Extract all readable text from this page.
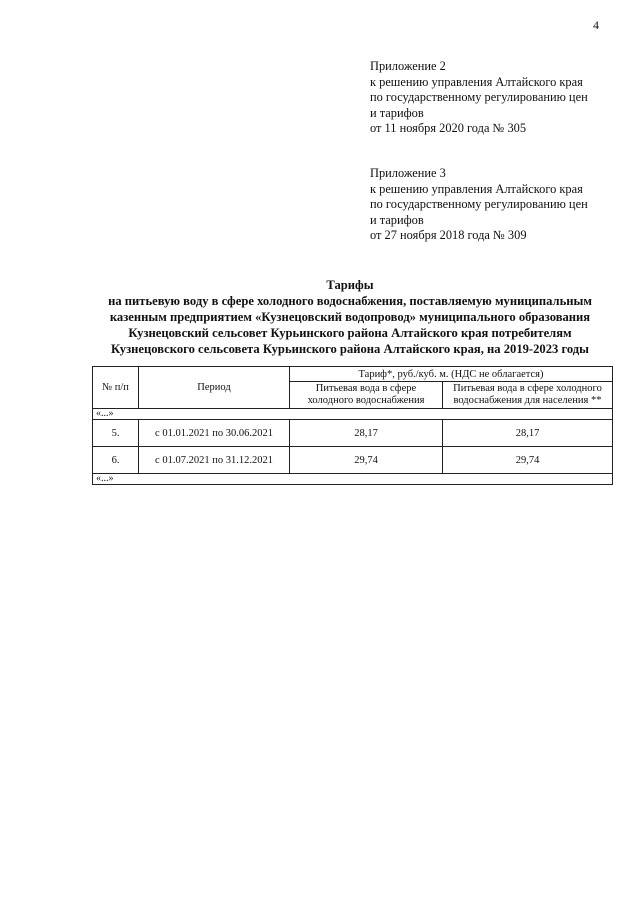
4
Приложение 2
к решению управления Алтайского края
по государственному регулированию цен
и тарифов
от 11 ноября 2020 года № 305
Приложение 3
к решению управления Алтайского края
по государственному регулированию цен
и тарифов
от 27 ноября 2018 года № 309
Тарифы
на питьевую воду в сфере холодного водоснабжения, поставляемую муниципальным
казенным предприятием «Кузнецовский водопровод» муниципального образования
Кузнецовский сельсовет Курьинского района Алтайского края потребителям
Кузнецовского сельсовета Курьинского района Алтайского края, на 2019-2023 годы
№ п/п	Период	Тариф*, руб./куб. м. (НДС не облагается)	
		Питьевая вода в сфере холодного водоснабжения	Питьевая вода в сфере холодного водоснабжения для населения **
«...»			
5.	с 01.01.2021 по 30.06.2021	28,17	28,17
6.	с 01.07.2021 по 31.12.2021	29,74	29,74
«...»			
